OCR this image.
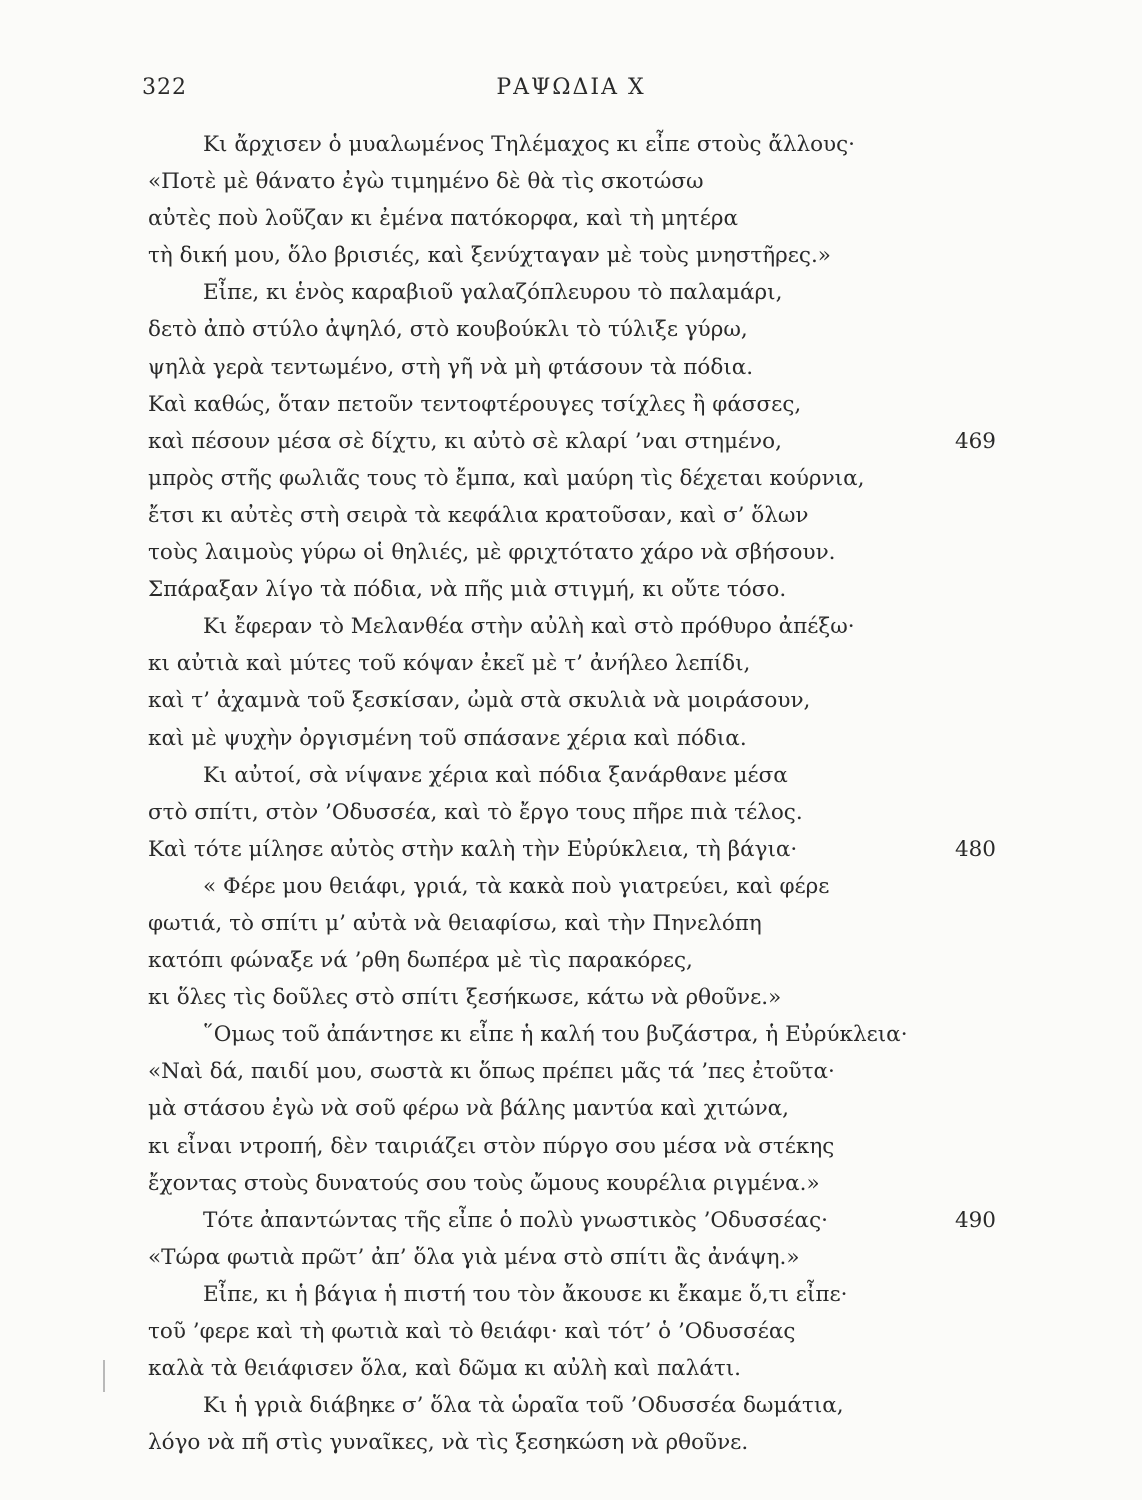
322	ΡΑΨΩΔΙΑ Χ
Κι ἄρχισεν ὁ μυαλωμένος Τηλέμαχος κι εἶπε στοὺς ἄλλους·
«Ποτὲ μὲ θάνατο ἐγὼ τιμημένο δὲ θὰ τὶς σκοτώσω
αὐτὲς ποὺ λοῦζαν κι ἐμένα πατόκορφα, καὶ τὴ μητέρα
τὴ δική μου, ὅλο βρισιές, καὶ ξενύχταγαν μὲ τοὺς μνηστῆρες.»
Εἶπε, κι ἑνὸς καραβιοῦ γαλαζόπλευρου τὸ παλαμάρι,
δετὸ ἀπὸ στύλο ἀψηλό, στὸ κουβούκλι τὸ τύλιξε γύρω,
ψηλὰ γερὰ τεντωμένο, στὴ γῆ νὰ μὴ φτάσουν τὰ πόδια.
Καὶ καθώς, ὅταν πετοῦν τεντοφτέρουγες τσίχλες ἢ φάσσες,
καὶ πέσουν μέσα σὲ δίχτυ, κι αὐτὸ σὲ κλαρί ’ναι στημένο,	469
μπρὸς στῆς φωλιᾶς τους τὸ ἔμπα, καὶ μαύρη τὶς δέχεται κούρνια,
ἔτσι κι αὐτὲς στὴ σειρὰ τὰ κεφάλια κρατοῦσαν, καὶ σ’ ὅλων
τοὺς λαιμοὺς γύρω οἱ θηλιές, μὲ φριχτότατο χάρο νὰ σβήσουν.
Σπάραξαν λίγο τὰ πόδια, νὰ πῆς μιὰ στιγμή, κι οὔτε τόσο.
Κι ἔφεραν τὸ Μελανθέα στὴν αὐλὴ καὶ στὸ πρόθυρο ἀπέξω·
κι αὐτιὰ καὶ μύτες τοῦ κόψαν ἐκεῖ μὲ τ’ ἀνήλεο λεπίδι,
καὶ τ’ ἀχαμνὰ τοῦ ξεσκίσαν, ὠμὰ στὰ σκυλιὰ νὰ μοιράσουν,
καὶ μὲ ψυχὴν ὀργισμένη τοῦ σπάσανε χέρια καὶ πόδια.
Κι αὐτοί, σὰ νίψανε χέρια καὶ πόδια ξανάρθανε μέσα
στὸ σπίτι, στὸν ’Οδυσσέα, καὶ τὸ ἔργο τους πῆρε πιὰ τέλος.
Καὶ τότε μίλησε αὐτὸς στὴν καλὴ τὴν Εὐρύκλεια, τὴ βάγια·	480
« Φέρε μου θειάφι, γριά, τὰ κακὰ ποὺ γιατρεύει, καὶ φέρε
φωτιά, τὸ σπίτι μ’ αὐτὰ νὰ θειαφίσω, καὶ τὴν Πηνελόπη
κατόπι φώναξε νά ’ρθη δωπέρα μὲ τὶς παρακόρες,
κι ὅλες τὶς δοῦλες στὸ σπίτι ξεσήκωσε, κάτω νὰ ρθοῦνε.»
῞Ομως τοῦ ἀπάντησε κι εἶπε ἡ καλή του βυζάστρα, ἡ Εὐρύκλεια·
«Ναὶ δά, παιδί μου, σωστὰ κι ὅπως πρέπει μᾶς τά ’πες ἐτοῦτα·
μὰ στάσου ἐγὼ νὰ σοῦ φέρω νὰ βάλης μαντύα καὶ χιτώνα,
κι εἶναι ντροπή, δὲν ταιριάζει στὸν πύργο σου μέσα νὰ στέκης
ἔχοντας στοὺς δυνατούς σου τοὺς ὤμους κουρέλια ριγμένα.»
Τότε ἀπαντώντας τῆς εἶπε ὁ πολὺ γνωστικὸς ’Οδυσσέας·	490
«Τώρα φωτιὰ πρῶτ’ ἀπ’ ὅλα γιὰ μένα στὸ σπίτι ἂς ἀνάψη.»
Εἶπε, κι ἡ βάγια ἡ πιστή του τὸν ἄκουσε κι ἔκαμε ὅ,τι εἶπε·
τοῦ ’φερε καὶ τὴ φωτιὰ καὶ τὸ θειάφι· καὶ τότ’ ὁ ’Οδυσσέας
καλὰ τὰ θειάφισεν ὅλα, καὶ δῶμα κι αὐλὴ καὶ παλάτι.
Κι ἡ γριὰ διάβηκε σ’ ὅλα τὰ ὡραῖα τοῦ ’Οδυσσέα δωμάτια,
λόγο νὰ πῆ στὶς γυναῖκες, νὰ τὶς ξεσηκώση νὰ ρθοῦνε.
